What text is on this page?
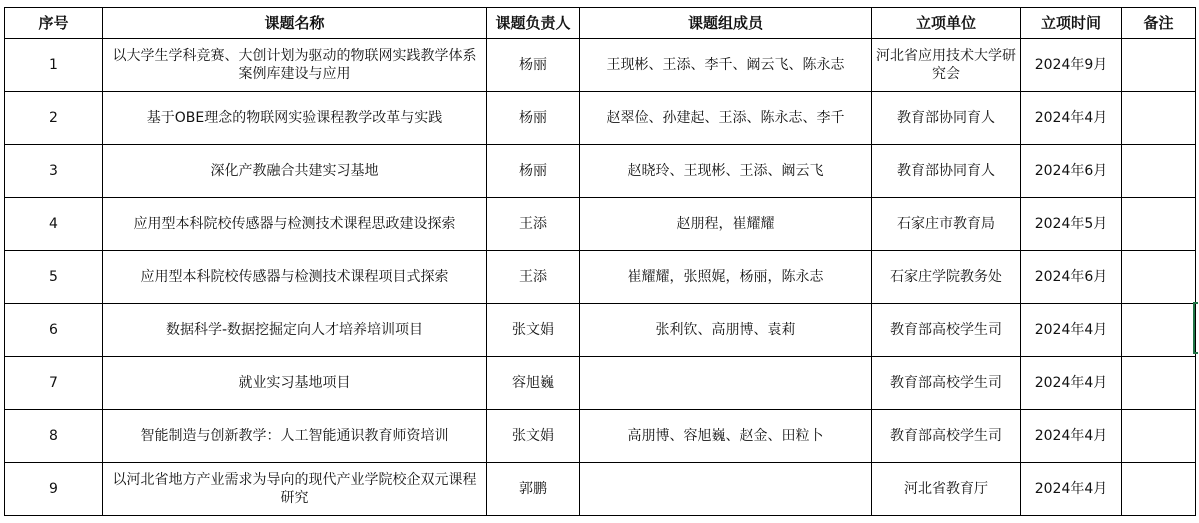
序号	课题名称	课题负责人	课题组成员	立项单位	立项时间	备注
1	以大学生学科竞赛、大创计划为驱动的物联网实践教学体系案例库建设与应用	杨丽	王现彬、王添、李千、阚云飞、陈永志	河北省应用技术大学研究会	2024年9月	
2	基于OBE理念的物联网实验课程教学改革与实践	杨丽	赵翠俭、孙建起、王添、陈永志、李千	教育部协同育人	2024年4月	
3	深化产教融合共建实习基地	杨丽	赵晓玲、王现彬、王添、阚云飞	教育部协同育人	2024年6月	
4	应用型本科院校传感器与检测技术课程思政建设探索	王添	赵朋程，崔耀耀	石家庄市教育局	2024年5月	
5	应用型本科院校传感器与检测技术课程项目式探索	王添	崔耀耀，张照娓，杨丽，陈永志	石家庄学院教务处	2024年6月	
6	数据科学-数据挖掘定向人才培养培训项目	张文娟	张利钦、高朋博、袁莉	教育部高校学生司	2024年4月	
7	就业实习基地项目	容旭巍		教育部高校学生司	2024年4月	
8	智能制造与创新教学：人工智能通识教育师资培训	张文娟	高朋博、容旭巍、赵金、田粒卜	教育部高校学生司	2024年4月	
9	以河北省地方产业需求为导向的现代产业学院校企双元课程研究	郭鹏		河北省教育厅	2024年4月	
